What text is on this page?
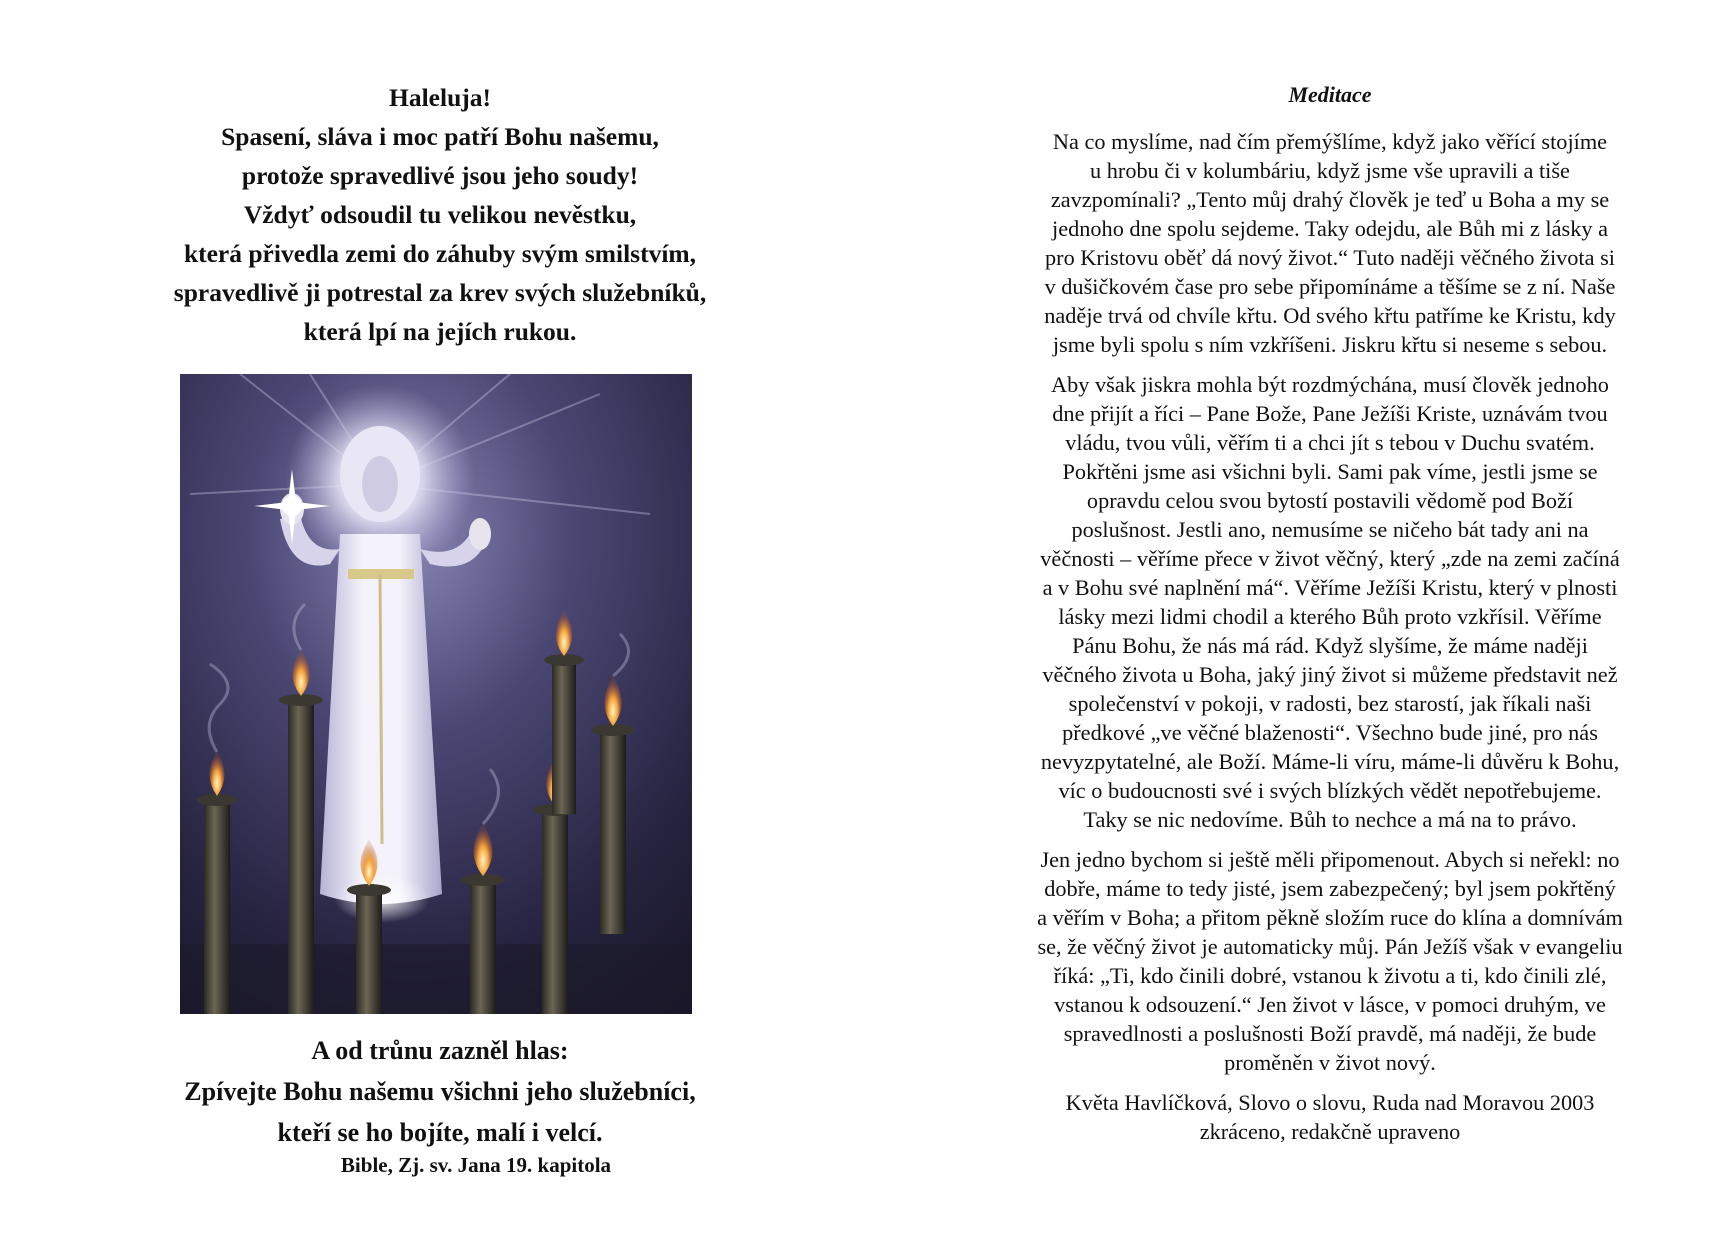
Haleluja!
Spasení, sláva i moc patří Bohu našemu,
protože spravedlivé jsou jeho soudy!
Vždyť odsoudil tu velikou nevěstku,
která přivedla zemi do záhuby svým smilstvím,
spravedlivě ji potrestal za krev svých služebníků,
která lpí na jejích rukou.
A od trůnu zazněl hlas:
Zpívejte Bohu našemu všichni jeho služebníci,
kteří se ho bojíte, malí i velcí.
Bible, Zj. sv. Jana 19. kapitola
Meditace
Na co myslíme, nad čím přemýšlíme, když jako věřící stojíme
u hrobu či v kolumbáriu, když jsme vše upravili a tiše
zavzpomínali? „Tento můj drahý člověk je teď u Boha a my se
jednoho dne spolu sejdeme. Taky odejdu, ale Bůh mi z lásky a
pro Kristovu oběť dá nový život.“ Tuto naději věčného života si
v dušičkovém čase pro sebe připomínáme a těšíme se z ní. Naše
naděje trvá od chvíle křtu. Od svého křtu patříme ke Kristu, kdy
jsme byli spolu s ním vzkříšeni. Jiskru křtu si neseme s sebou.
Aby však jiskra mohla být rozdmýchána, musí člověk jednoho
dne přijít a říci – Pane Bože, Pane Ježíši Kriste, uznávám tvou
vládu, tvou vůli, věřím ti a chci jít s tebou v Duchu svatém.
Pokřtěni jsme asi všichni byli. Sami pak víme, jestli jsme se
opravdu celou svou bytostí postavili vědomě pod Boží
poslušnost. Jestli ano, nemusíme se ničeho bát tady ani na
věčnosti – věříme přece v život věčný, který „zde na zemi začíná
a v Bohu své naplnění má“. Věříme Ježíši Kristu, který v plnosti
lásky mezi lidmi chodil a kterého Bůh proto vzkřísil. Věříme
Pánu Bohu, že nás má rád. Když slyšíme, že máme naději
věčného života u Boha, jaký jiný život si můžeme představit než
společenství v pokoji, v radosti, bez starostí, jak říkali naši
předkové „ve věčné blaženosti“. Všechno bude jiné, pro nás
nevyzpytatelné, ale Boží. Máme-li víru, máme-li důvěru k Bohu,
víc o budoucnosti své i svých blízkých vědět nepotřebujeme.
Taky se nic nedovíme. Bůh to nechce a má na to právo.
Jen jedno bychom si ještě měli připomenout. Abych si neřekl: no
dobře, máme to tedy jisté, jsem zabezpečený; byl jsem pokřtěný
a věřím v Boha; a přitom pěkně složím ruce do klína a domnívám
se, že věčný život je automaticky můj. Pán Ježíš však v evangeliu
říká: „Ti, kdo činili dobré, vstanou k životu a ti, kdo činili zlé,
vstanou k odsouzení.“ Jen život v lásce, v pomoci druhým, ve
spravedlnosti a poslušnosti Boží pravdě, má naději, že bude
proměněn v život nový.
Květa Havlíčková, Slovo o slovu, Ruda nad Moravou 2003
zkráceno, redakčně upraveno
